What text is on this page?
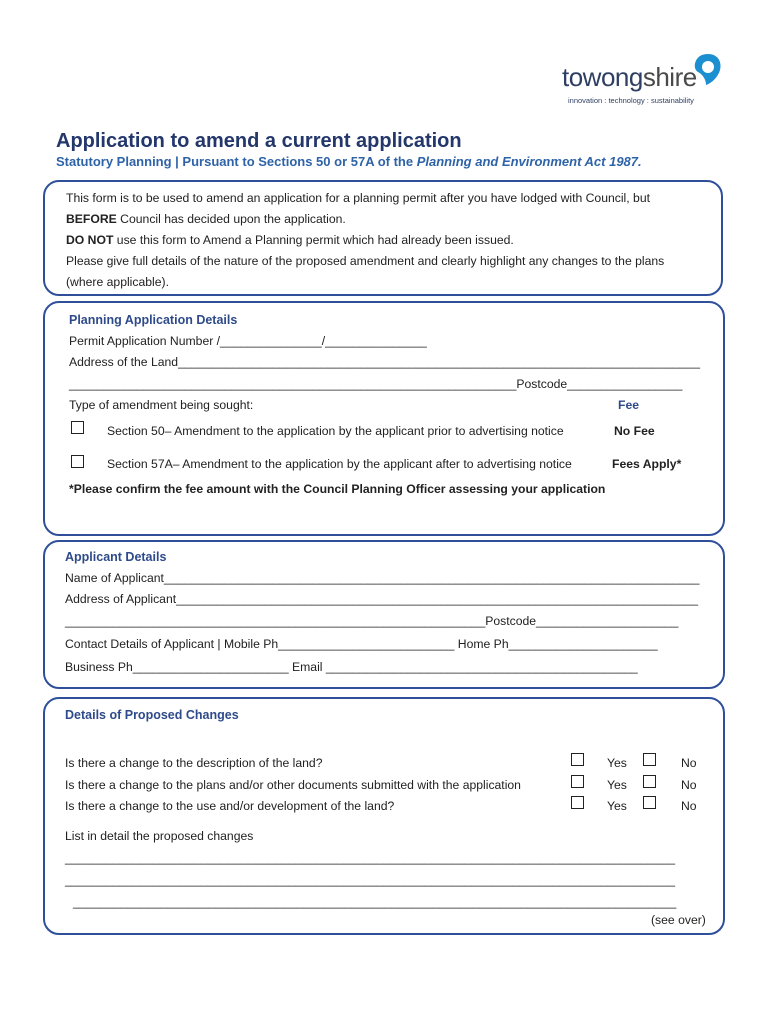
towongshire
innovation : technology : sustainability
Application to amend a current application
Statutory Planning | Pursuant to Sections 50 or 57A of the Planning and Environment Act 1987.
This form is to be used to amend an application for a planning permit after you have lodged with Council, but
BEFORE Council has decided upon the application.
DO NOT use this form to Amend a Planning permit which had already been issued.
Please give full details of the nature of the proposed amendment and clearly highlight any changes to the plans
(where applicable).
Planning Application Details
Permit Application Number /_______________/_______________
Address of the Land_____________________________________________________________________________
__________________________________________________________________Postcode_________________
Type of amendment being sought:	Fee
Section 50– Amendment to the application by the applicant prior to advertising notice	No Fee
Section 57A– Amendment to the application by the applicant after to advertising notice	Fees Apply*
*Please confirm the fee amount with the Council Planning Officer assessing your application
Applicant Details
Name of Applicant_______________________________________________________________________________
Address of Applicant_____________________________________________________________________________
______________________________________________________________Postcode_____________________
Contact Details of Applicant | Mobile Ph__________________________ Home Ph______________________
Business Ph_______________________ Email ______________________________________________
Details of Proposed Changes
Is there a change to the description of the land?	Yes	No
Is there a change to the plans and/or other documents submitted with the application	Yes	No
Is there a change to the use and/or development of the land?	Yes	No
List in detail the proposed changes
__________________________________________________________________________________________
__________________________________________________________________________________________
_________________________________________________________________________________________
(see over)
